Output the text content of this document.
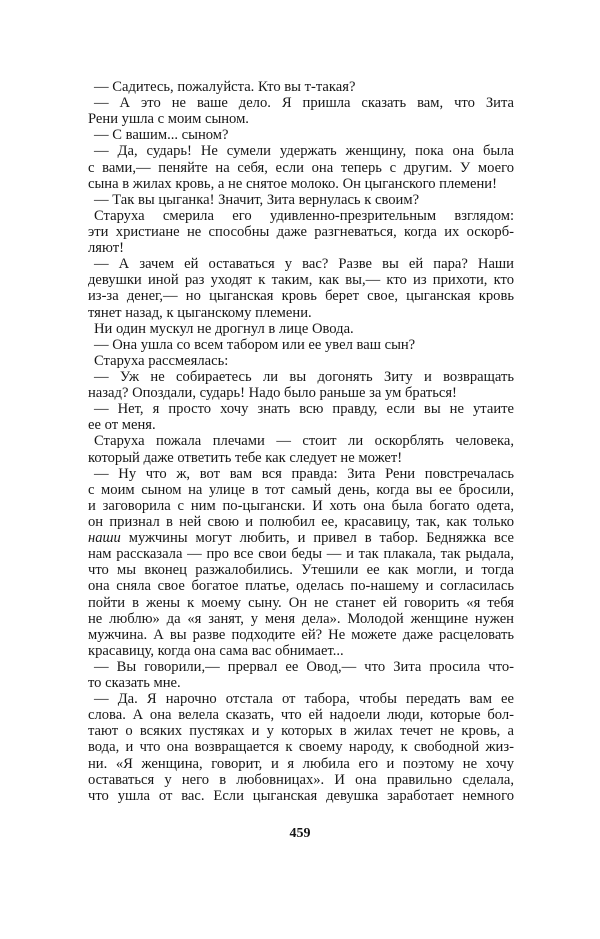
— Садитесь, пожалуйста. Кто вы т-такая?
— А это не ваше дело. Я пришла сказать вам, что Зита
Рени ушла с моим сыном.
— С вашим... сыном?
— Да, сударь! Не сумели удержать женщину, пока она была
с вами,— пеняйте на себя, если она теперь с другим. У моего
сына в жилах кровь, а не снятое молоко. Он цыганского племени!
— Так вы цыганка! Значит, Зита вернулась к своим?
Старуха смерила его удивленно-презрительным взглядом:
эти христиане не способны даже разгневаться, когда их оскорб-
ляют!
— А зачем ей оставаться у вас? Разве вы ей пара? Наши
девушки иной раз уходят к таким, как вы,— кто из прихоти, кто
из-за денег,— но цыганская кровь берет свое, цыганская кровь
тянет назад, к цыганскому племени.
Ни один мускул не дрогнул в лице Овода.
— Она ушла со всем табором или ее увел ваш сын?
Старуха рассмеялась:
— Уж не собираетесь ли вы догонять Зиту и возвращать
назад? Опоздали, сударь! Надо было раньше за ум браться!
— Нет, я просто хочу знать всю правду, если вы не утаите
ее от меня.
Старуха пожала плечами — стоит ли оскорблять человека,
который даже ответить тебе как следует не может!
— Ну что ж, вот вам вся правда: Зита Рени повстречалась
с моим сыном на улице в тот самый день, когда вы ее бросили,
и заговорила с ним по-цыгански. И хоть она была богато одета,
он признал в ней свою и полюбил ее, красавицу, так, как только
наши мужчины могут любить, и привел в табор. Бедняжка все
нам рассказала — про все свои беды — и так плакала, так рыдала,
что мы вконец разжалобились. Утешили ее как могли, и тогда
она сняла свое богатое платье, оделась по-нашему и согласилась
пойти в жены к моему сыну. Он не станет ей говорить «я тебя
не люблю» да «я занят, у меня дела». Молодой женщине нужен
мужчина. А вы разве подходите ей? Не можете даже расцеловать
красавицу, когда она сама вас обнимает...
— Вы говорили,— прервал ее Овод,— что Зита просила что-
то сказать мне.
— Да. Я нарочно отстала от табора, чтобы передать вам ее
слова. А она велела сказать, что ей надоели люди, которые бол-
тают о всяких пустяках и у которых в жилах течет не кровь, а
вода, и что она возвращается к своему народу, к свободной жиз-
ни. «Я женщина, говорит, и я любила его и поэтому не хочу
оставаться у него в любовницах». И она правильно сделала,
что ушла от вас. Если цыганская девушка заработает немного
459
